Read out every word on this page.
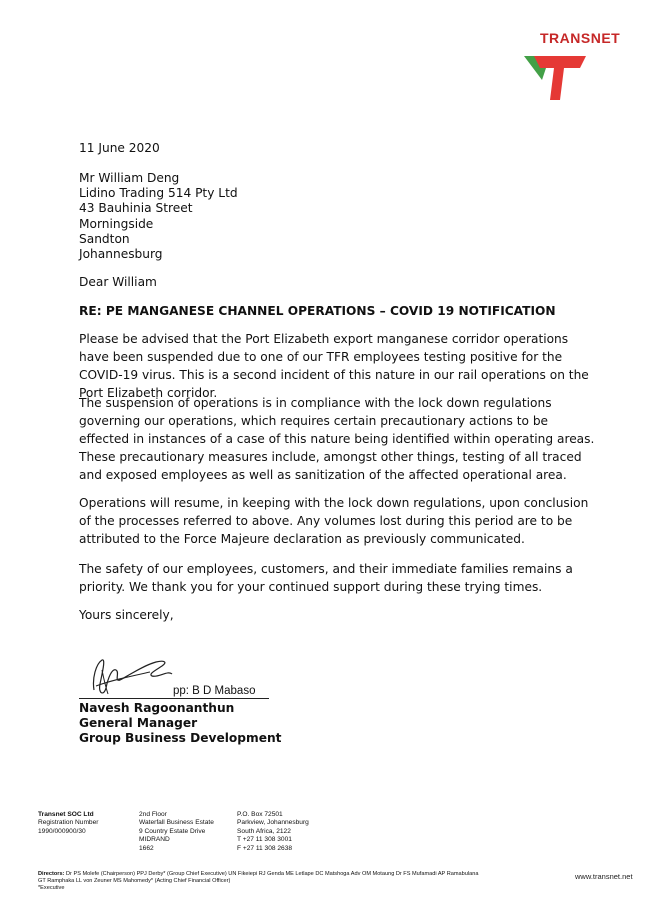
TRANSNET
11 June 2020
Mr William Deng
Lidino Trading 514 Pty Ltd
43 Bauhinia Street
Morningside
Sandton
Johannesburg
Dear William
RE: PE MANGANESE CHANNEL OPERATIONS – COVID 19 NOTIFICATION

Please be advised that the Port Elizabeth export manganese corridor operations have been suspended due to one of our TFR employees testing positive for the COVID-19 virus. This is a second incident of this nature in our rail operations on the Port Elizabeth corridor.

The suspension of operations is in compliance with the lock down regulations governing our operations, which requires certain precautionary actions to be effected in instances of a case of this nature being identified within operating areas. These precautionary measures include, amongst other things, testing of all traced and exposed employees as well as sanitization of the affected operational area.

Operations will resume, in keeping with the lock down regulations, upon conclusion of the processes referred to above. Any volumes lost during this period are to be attributed to the Force Majeure declaration as previously communicated.

The safety of our employees, customers, and their immediate families remains a priority. We thank you for your continued support during these trying times.

Yours sincerely,
pp: B D Mabaso
Navesh Ragoonanthun
General Manager
Group Business Development
Transnet SOC Ltd
Registration Number
1990/000900/30
2nd Floor
Waterfall Business Estate
9 Country Estate Drive
MIDRAND
1662
P.O. Box 72501
Parkview, Johannesburg
South Africa, 2122
T +27 11 308 3001
F +27 11 308 2638
Directors: Dr PS Molefe (Chairperson) PPJ Derby* (Group Chief Executive) UN Fikeiepi RJ Genda ME Letlape DC Matshoga Adv OM Motaung Dr FS Mufamadi AP Ramabulana
GT Ramphaka LL von Zeuner MS Mahomedy* (Acting Chief Financial Officer)
*Executive
www.transnet.net
